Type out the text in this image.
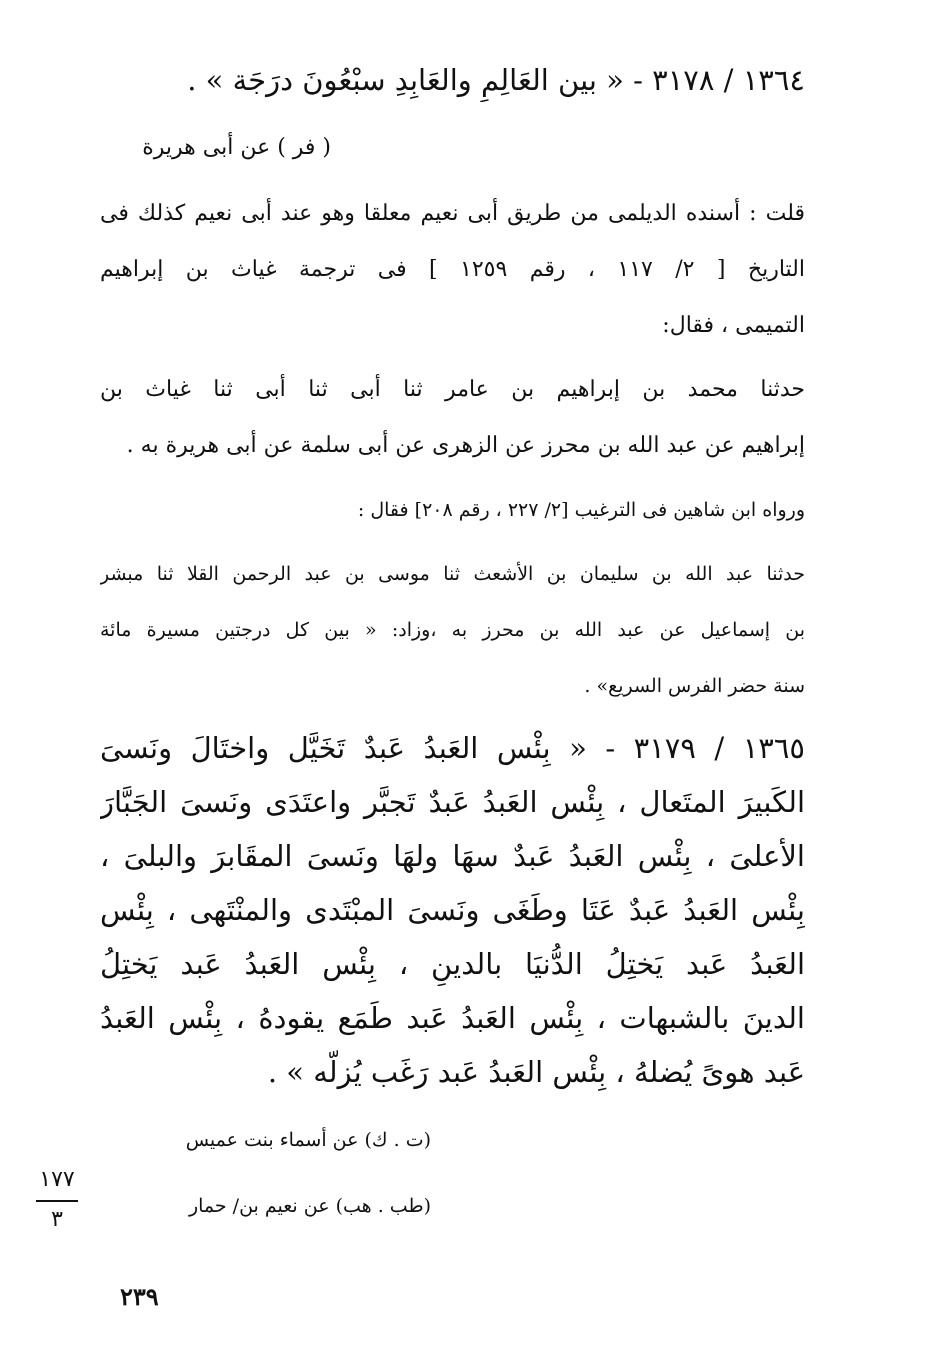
١٣٦٤ / ٣١٧٨ - « بين العَالِمِ والعَابِدِ سبْعُونَ درَجَة » .
( فر ) عن أبى هريرة
قلت : أسنده الديلمى من طريق أبى نعيم معلقا وهو عند أبى نعيم كذلك فى
التاريخ [ ٢/ ١١٧ ، رقم ١٢٥٩ ] فى ترجمة غياث بن إبراهيم
التميمى ، فقال:
حدثنا محمد بن إبراهيم بن عامر ثنا أبى ثنا أبى ثنا غياث بن
إبراهيم عن عبد الله بن محرز عن الزهرى عن أبى سلمة عن أبى هريرة به .
ورواه ابن شاهين فى الترغيب [٢/ ٢٢٧ ، رقم ٢٠٨] فقال :
حدثنا عبد الله بن سليمان بن الأشعث ثنا موسى بن عبد الرحمن القلا ثنا مبشر
بن إسماعيل عن عبد الله بن محرز به ،وزاد: « بين كل درجتين مسيرة مائة
سنة حضر الفرس السريع» .
١٣٦٥ / ٣١٧٩ - « بِئْس العَبدُ عَبدٌ تَخَيَّل واختَالَ ونَسىَ
الكَبيرَ المتَعال ، بِئْس العَبدُ عَبدٌ تَجبَّر واعتَدَى ونَسىَ الجَبَّارَ
الأعلىَ ، بِئْس العَبدُ عَبدٌ سهَا ولهَا ونَسىَ المقَابرَ والبلىَ ،
بِئْس العَبدُ عَبدٌ عَتَا وطَغَى ونَسىَ المبْتَدى والمنْتَهى ، بِئْس
العَبدُ عَبد يَختِلُ الدُّنيَا بالدينِ ، بِئْس العَبدُ عَبد يَختِلُ
الدينَ بالشبهات ، بِئْس العَبدُ عَبد طَمَع يقودهُ ، بِئْس العَبدُ
عَبد هوىً يُضلهُ ، بِئْس العَبدُ عَبد رَغَب يُزلُّه » .
(ت . ك) عن أسماء بنت عميس
(طب . هب) عن نعيم بن/ حمار
١٧٧
٣
٢٣٩
